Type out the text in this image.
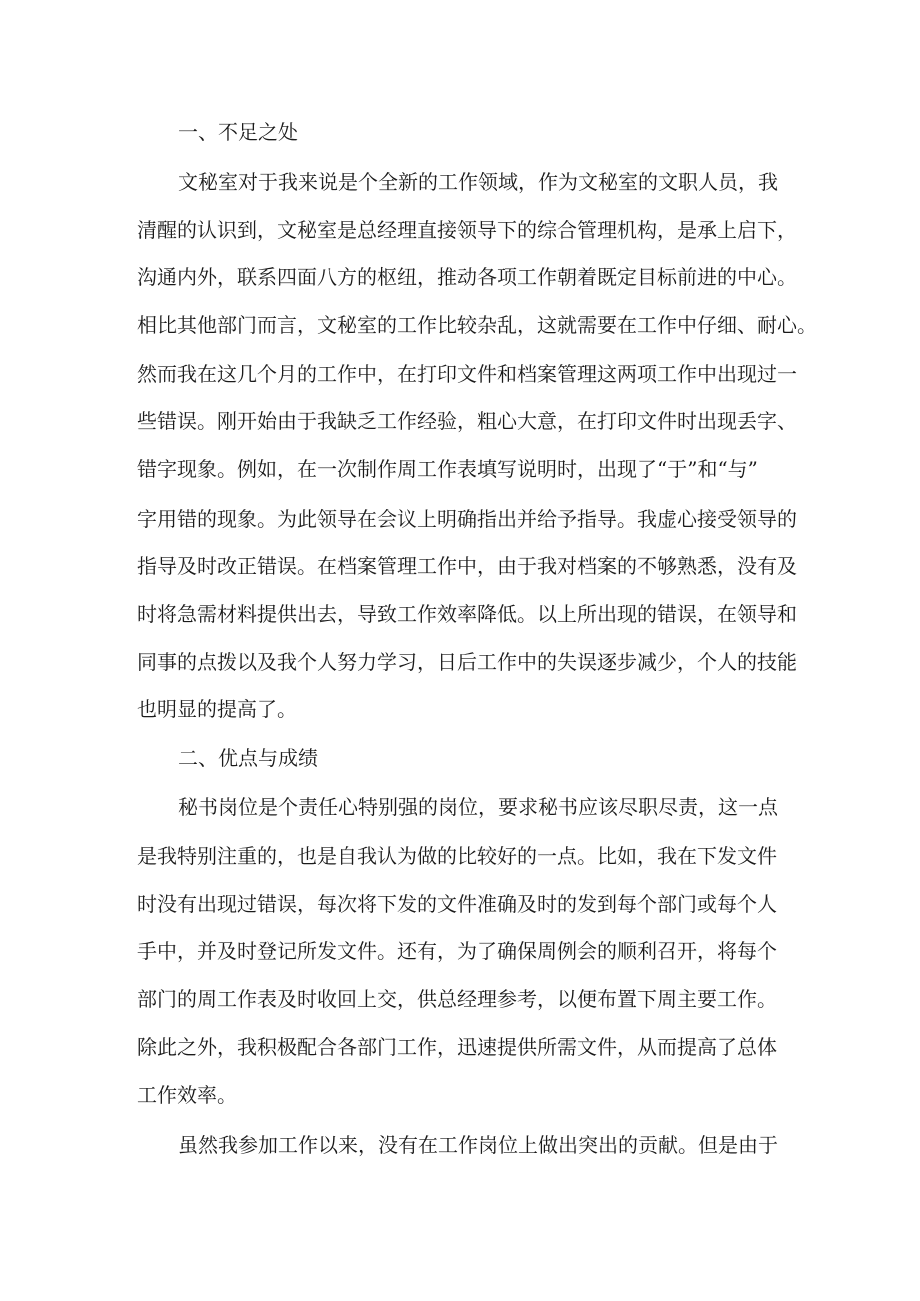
一、不足之处
文秘室对于我来说是个全新的工作领域，作为文秘室的文职人员，我
清醒的认识到，文秘室是总经理直接领导下的综合管理机构，是承上启下，
沟通内外，联系四面八方的枢纽，推动各项工作朝着既定目标前进的中心。
相比其他部门而言，文秘室的工作比较杂乱，这就需要在工作中仔细、耐心。
然而我在这几个月的工作中，在打印文件和档案管理这两项工作中出现过一
些错误。刚开始由于我缺乏工作经验，粗心大意，在打印文件时出现丢字、
错字现象。例如，在一次制作周工作表填写说明时，出现了“于”和“与”
字用错的现象。为此领导在会议上明确指出并给予指导。我虚心接受领导的
指导及时改正错误。在档案管理工作中，由于我对档案的不够熟悉，没有及
时将急需材料提供出去，导致工作效率降低。以上所出现的错误，在领导和
同事的点拨以及我个人努力学习，日后工作中的失误逐步减少，个人的技能
也明显的提高了。
二、优点与成绩
秘书岗位是个责任心特别强的岗位，要求秘书应该尽职尽责，这一点
是我特别注重的，也是自我认为做的比较好的一点。比如，我在下发文件
时没有出现过错误，每次将下发的文件准确及时的发到每个部门或每个人
手中，并及时登记所发文件。还有，为了确保周例会的顺利召开，将每个
部门的周工作表及时收回上交，供总经理参考，以便布置下周主要工作。
除此之外，我积极配合各部门工作，迅速提供所需文件，从而提高了总体
工作效率。
虽然我参加工作以来，没有在工作岗位上做出突出的贡献。但是由于
